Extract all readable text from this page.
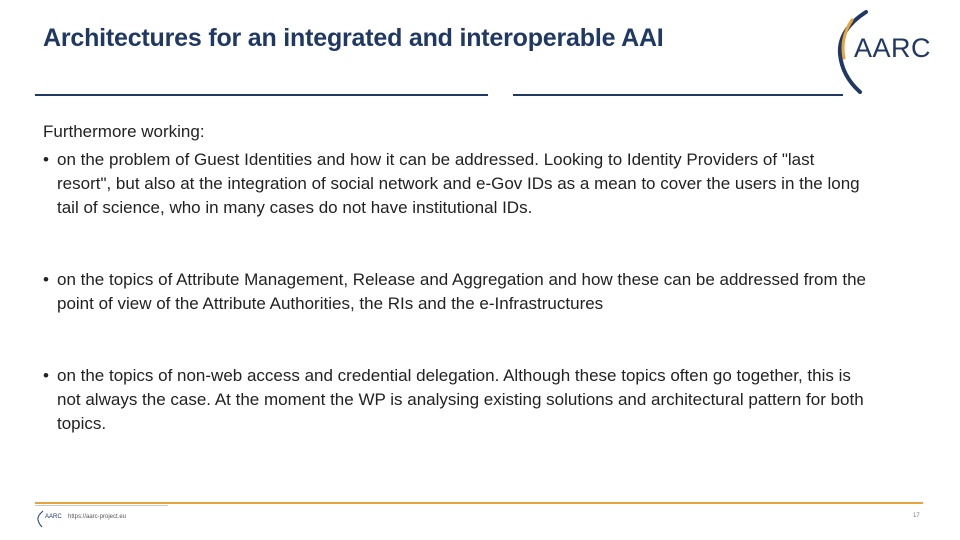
Architectures for an integrated and interoperable AAI	AARC

Furthermore working:

• on the problem of Guest Identities and how it can be addressed. Looking to Identity Providers of "last resort", but also at the integration of social network and e-Gov IDs as a mean to cover the users in the long tail of science, who in many cases do not have institutional IDs.
• on the topics of Attribute Management, Release and Aggregation and how these can be addressed from the point of view of the Attribute Authorities, the RIs and the e-Infrastructures
• on the topics of non-web access and credential delegation. Although these topics often go together, this is not always the case. At the moment the WP is analysing existing solutions and architectural pattern for both topics.
AARC https://aarc-project.eu	17
